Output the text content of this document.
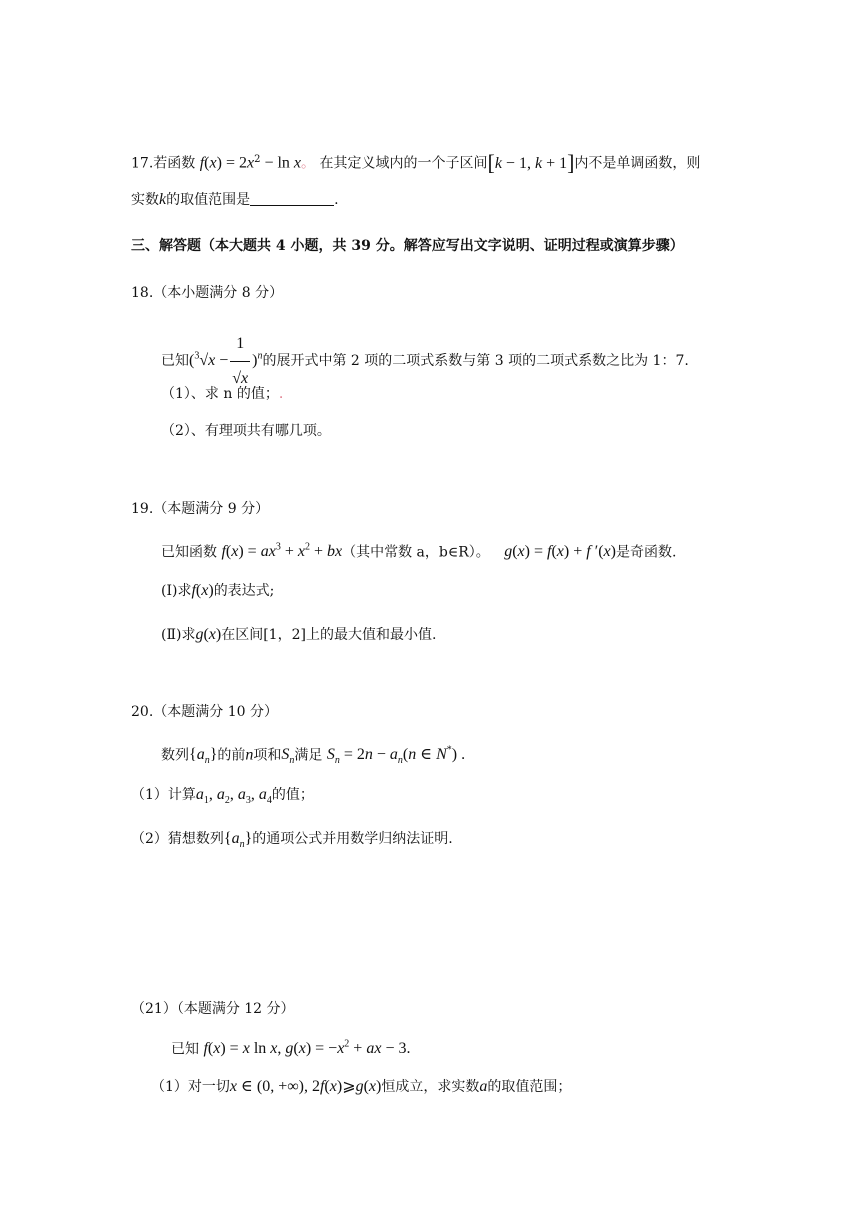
17.若函数 $f(x) = 2x^2 - \ln x$。 在其定义域内的一个子区间[k − 1, k + 1]内不是单调函数，则
实数k的取值范围是	.
三、解答题（本大题共 4 小题，共 39 分。解答应写出文字说明、证明过程或演算步骤）
18.（本小题满分 8 分）
已知$(^3√x - \frac{1}{√x} )^n$的展开式中第 2 项的二项式系数与第 3 项的二项式系数之比为 1：7.
（1）、求 n 的值；.
（2）、有理项共有哪几项。
19.（本题满分 9 分）
已知函数 $f(x) = ax^3 + x^2 + bx$（其中常数 a，b∈R）。 g(x) = f(x) + f ′(x)是奇函数.
(Ⅰ)求f(x)的表达式;
(Ⅱ)求g(x)在区间[1，2]上的最大值和最小值.
20.（本题满分 10 分）
数列$\{a_n\}$的前n项和$S_n$满足 $S_n = 2n - a_n(n$ ∈ N*) .
（1）计算$a_1$, $a_2$, $a_3$, $a_4$的值；
（2）猜想数列$\{a_n\}$的通项公式并用数学归纳法证明.
（21）（本题满分 12 分）
已知 f(x) = x ln x, $g(x) = -x^2$ + ax − 3.
（1）对一切x ∈ (0, +∞), 2f(x)⩾g(x)恒成立，求实数a的取值范围；
